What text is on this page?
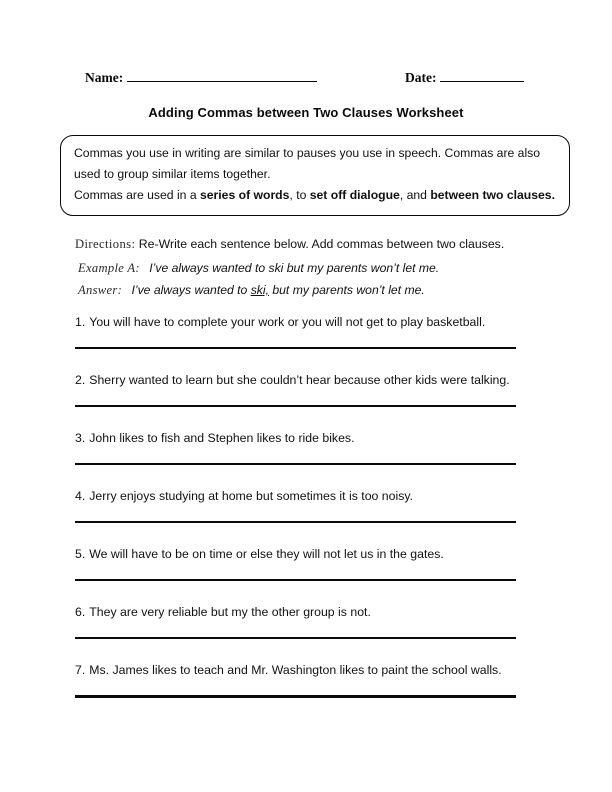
Name:	Date:
Adding Commas between Two Clauses Worksheet
Commas you use in writing are similar to pauses you use in speech. Commas are also used to group similar items together.
Commas are used in a series of words, to set off dialogue, and between two clauses.
Directions: Re-Write each sentence below. Add commas between two clauses.
Example A: I’ve always wanted to ski but my parents won’t let me.
Answer: I’ve always wanted to ski, but my parents won’t let me.
1. You will have to complete your work or you will not get to play basketball.
2. Sherry wanted to learn but she couldn’t hear because other kids were talking.
3. John likes to fish and Stephen likes to ride bikes.
4. Jerry enjoys studying at home but sometimes it is too noisy.
5. We will have to be on time or else they will not let us in the gates.
6. They are very reliable but my the other group is not.
7. Ms. James likes to teach and Mr. Washington likes to paint the school walls.
